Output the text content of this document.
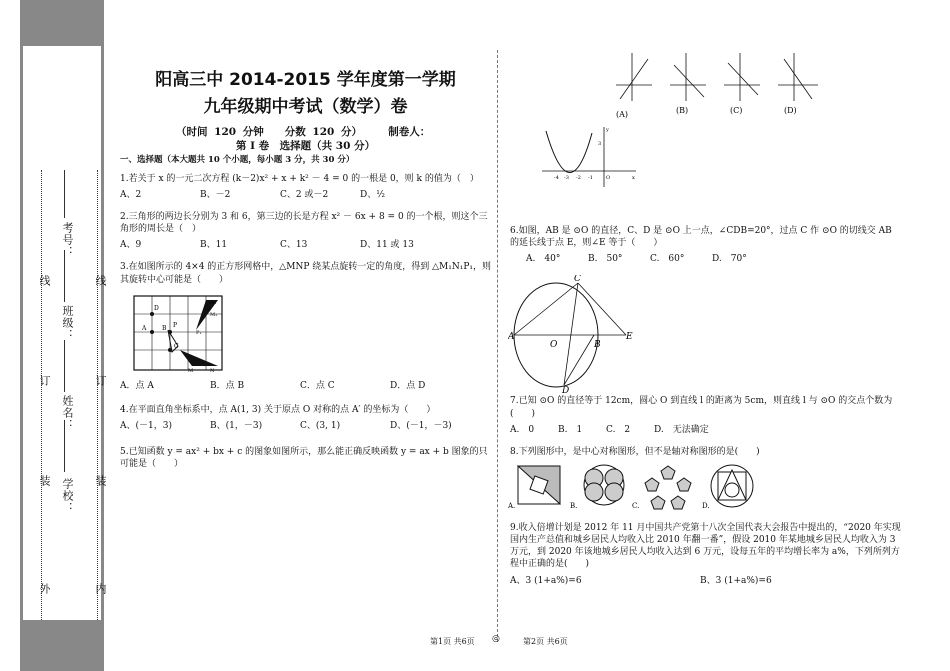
外
装
订
线
内
装
订
线
学校：
姓名：
班级：
考号：
阳高三中 2014-2015 学年度第一学期
九年级期中考试（数学）卷
（时间 120 分钟　　分数 120 分）　　　制卷人：
第 I 卷　选择题（共 30 分）
一、选择题（本大题共 10 个小题，每小题 3 分，共 30 分）
1.若关于 x 的一元二次方程 (k－2)x² + x + k² － 4 = 0 的一根是 0，则 k 的值为（　）
A、2	B、－2	C、2 或－2	D、½
2.三角形的两边长分别为 3 和 6，第三边的长是方程 x² － 6x + 8 = 0 的一个根，则这个三角形的周长是（　）
A、9	B、11	C、13	D、11 或 13
3.在如图所示的 4×4 的正方形网格中，△MNP 绕某点旋转一定的角度，得到 △M₁N₁P₁，则其旋转中心可能是（　　）
D
A	B P
C
N₁
M₁
P₁
M	N
A．点 A	B．点 B	C．点 C	D．点 D
4.在平面直角坐标系中，点 A(1, 3) 关于原点 O 对称的点 A′ 的坐标为（　　）
A、(－1，3)	B、(1，－3)	C、(3, 1)	D、(－1，－3)
5.已知函数 y = ax² + bx + c 的图象如图所示，那么能正确反映函数 y = ax + b 图象的只可能是（　　）
(A)	(B)	(C)	(D)
-4 -3 -2 -1	O	x
y
3
6.如图，AB 是 ⊙O 的直径，C、D 是 ⊙O 上一点，∠CDB=20°，过点 C 作 ⊙O 的切线交 AB 的延长线于点 E，则∠E 等于（　　）
A.　40°	B.　50°	C.　60°	D.　70°
C
A
O	B
E
D
7.已知 ⊙O 的直径等于 12cm，圆心 O 到直线 l 的距离为 5cm，则直线 l 与 ⊙O 的交点个数为(　　)
A.　0	B.　1	C.　2	D.　无法确定
8.下列图形中，是中心对称图形，但不是轴对称图形的是(　　)
A.	B.	C.	D.
9.收入倍增计划是 2012 年 11 月中国共产党第十八次全国代表大会报告中提出的，“2020 年实现国内生产总值和城乡居民人均收入比 2010 年翻一番”，假设 2010 年某地城乡居民人均收入为 3 万元，到 2020 年该地城乡居民人均收入达到 6 万元，设每五年的平均增长率为 a%，下列所列方程中正确的是(　　)
A、3 (1+a%)=6	B、3 (1+a%)=6
第1页 共6页 ◎	第2页 共6页
